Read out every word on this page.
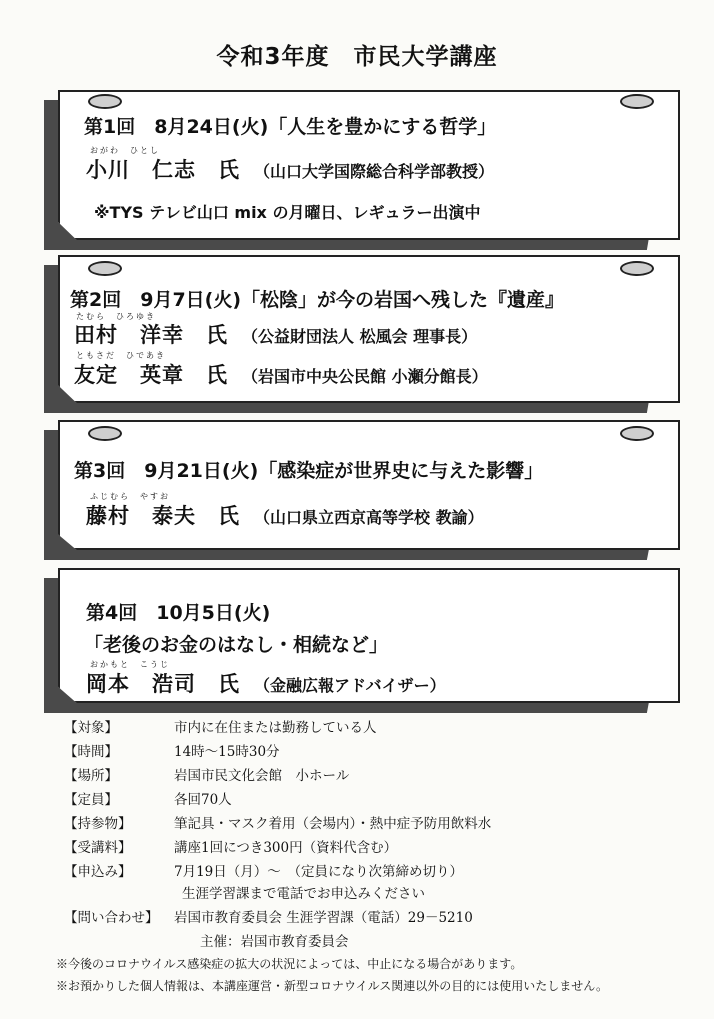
令和3年度　市民大学講座
第1回　8月24日(火)「人生を豊かにする哲学」
おがわ　ひとし
小川　仁志　氏 （山口大学国際総合科学部教授）
※TYS テレビ山口 mix の月曜日、レギュラー出演中
第2回　9月7日(火)「松陰」が今の岩国へ残した『遺産』
たむら　ひろゆき
田村　洋幸　氏 （公益財団法人 松風会 理事長）
ともさだ　ひであき
友定　英章　氏 （岩国市中央公民館 小瀬分館長）
第3回　9月21日(火)「感染症が世界史に与えた影響」
ふじむら　やすお
藤村　泰夫　氏 （山口県立西京高等学校 教諭）
第4回　10月5日(火)
「老後のお金のはなし・相続など」
おかもと　こうじ
岡本　浩司　氏 （金融広報アドバイザー）
【対象】	市内に在住または勤務している人
【時間】	14時～15時30分
【場所】	岩国市民文化会館　小ホール
【定員】	各回70人
【持参物】	筆記具・マスク着用（会場内）・熱中症予防用飲料水
【受講料】	講座1回につき300円（資料代含む）
【申込み】	7月19日（月）～　（定員になり次第締め切り）
生涯学習課まで電話でお申込みください
【問い合わせ】 岩国市教育委員会 生涯学習課（電話）29－5210
主催：岩国市教育委員会
※今後のコロナウイルス感染症の拡大の状況によっては、中止になる場合があります。
※お預かりした個人情報は、本講座運営・新型コロナウイルス関連以外の目的には使用いたしません。
